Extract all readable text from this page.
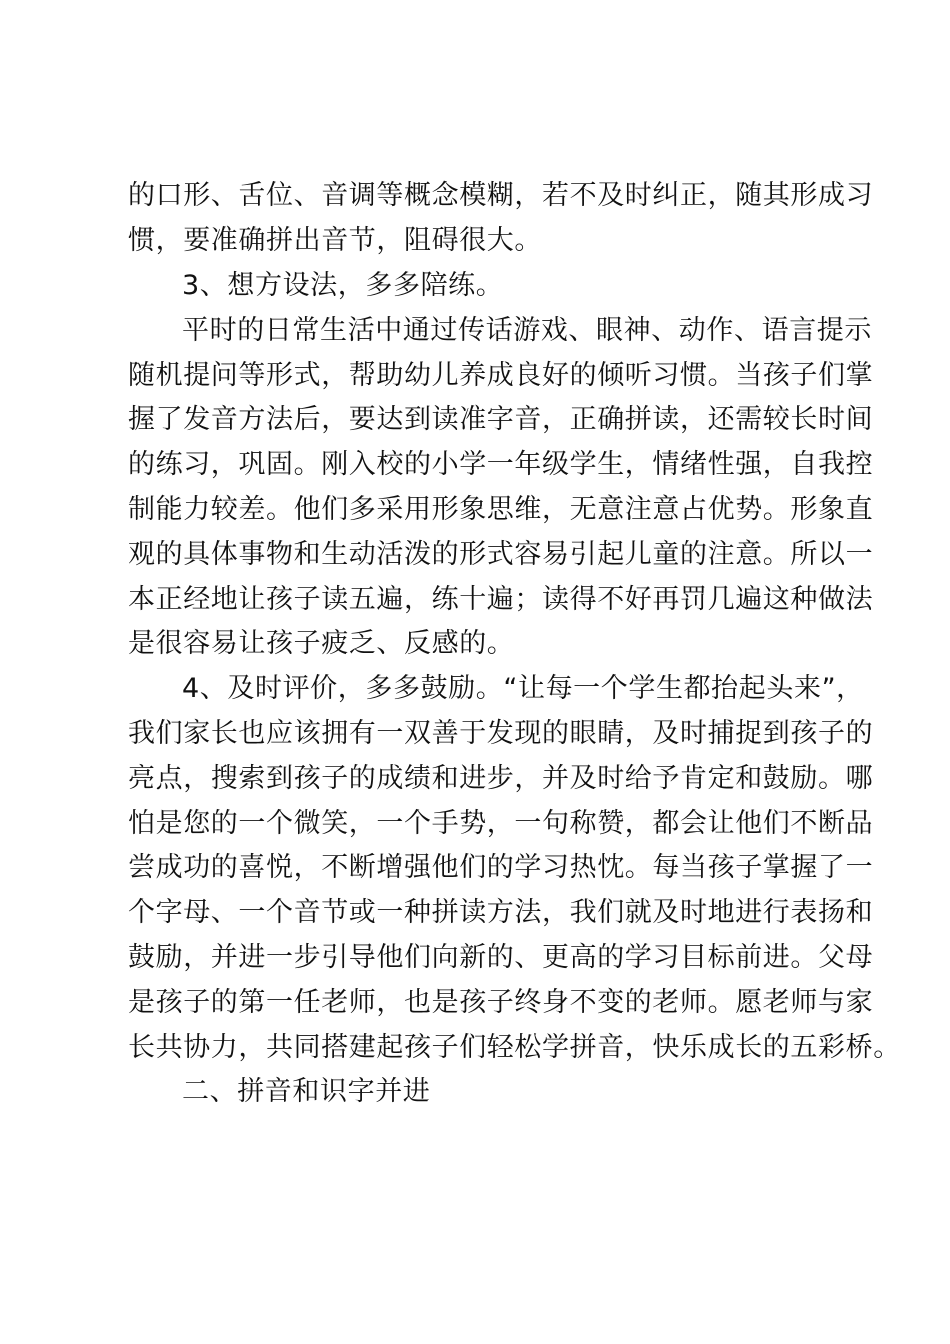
的口形、舌位、音调等概念模糊，若不及时纠正，随其形成习
惯，要准确拼出音节，阻碍很大。
3、想方设法，多多陪练。
平时的日常生活中通过传话游戏、眼神、动作、语言提示
随机提问等形式，帮助幼儿养成良好的倾听习惯。当孩子们掌
握了发音方法后，要达到读准字音，正确拼读，还需较长时间
的练习，巩固。刚入校的小学一年级学生，情绪性强，自我控
制能力较差。他们多采用形象思维，无意注意占优势。形象直
观的具体事物和生动活泼的形式容易引起儿童的注意。所以一
本正经地让孩子读五遍，练十遍；读得不好再罚几遍这种做法
是很容易让孩子疲乏、反感的。
4、及时评价，多多鼓励。“让每一个学生都抬起头来”，
我们家长也应该拥有一双善于发现的眼睛，及时捕捉到孩子的
亮点，搜索到孩子的成绩和进步，并及时给予肯定和鼓励。哪
怕是您的一个微笑，一个手势，一句称赞，都会让他们不断品
尝成功的喜悦，不断增强他们的学习热忱。每当孩子掌握了一
个字母、一个音节或一种拼读方法，我们就及时地进行表扬和
鼓励，并进一步引导他们向新的、更高的学习目标前进。父母
是孩子的第一任老师，也是孩子终身不变的老师。愿老师与家
长共协力，共同搭建起孩子们轻松学拼音，快乐成长的五彩桥。
二、拼音和识字并进
